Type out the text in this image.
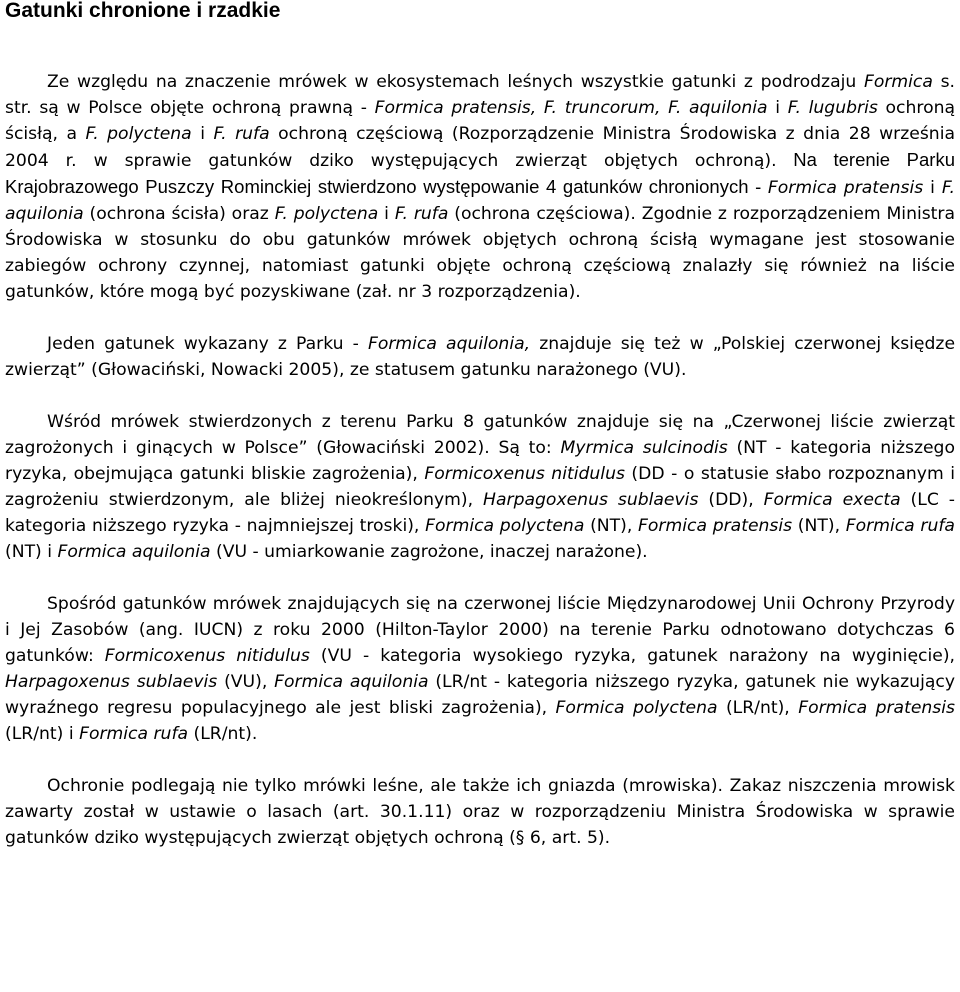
Gatunki chronione i rzadkie

Ze względu na znaczenie mrówek w ekosystemach leśnych wszystkie gatunki z podrodzaju Formica s. str. są w Polsce objęte ochroną prawną - Formica pratensis, F. truncorum, F. aquilonia i F. lugubris ochroną ścisłą, a F. polyctena i F. rufa ochroną częściową (Rozporządzenie Ministra Środowiska z dnia 28 września 2004 r. w sprawie gatunków dziko występujących zwierząt objętych ochroną). Na terenie Parku Krajobrazowego Puszczy Rominckiej stwierdzono występowanie 4 gatunków chronionych - Formica pratensis i F. aquilonia (ochrona ścisła) oraz F. polyctena i F. rufa (ochrona częściowa). Zgodnie z rozporządzeniem Ministra Środowiska w stosunku do obu gatunków mrówek objętych ochroną ścisłą wymagane jest stosowanie zabiegów ochrony czynnej, natomiast gatunki objęte ochroną częściową znalazły się również na liście gatunków, które mogą być pozyskiwane (zał. nr 3 rozporządzenia).

Jeden gatunek wykazany z Parku - Formica aquilonia, znajduje się też w „Polskiej czerwonej księdze zwierząt” (Głowaciński, Nowacki 2005), ze statusem gatunku narażonego (VU).

Wśród mrówek stwierdzonych z terenu Parku 8 gatunków znajduje się na „Czerwonej liście zwierząt zagrożonych i ginących w Polsce” (Głowaciński 2002). Są to: Myrmica sulcinodis (NT - kategoria niższego ryzyka, obejmująca gatunki bliskie zagrożenia), Formicoxenus nitidulus (DD - o statusie słabo rozpoznanym i zagrożeniu stwierdzonym, ale bliżej nieokreślonym), Harpagoxenus sublaevis (DD), Formica execta (LC - kategoria niższego ryzyka - najmniejszej troski), Formica polyctena (NT), Formica pratensis (NT), Formica rufa (NT) i Formica aquilonia (VU - umiarkowanie zagrożone, inaczej narażone).

Spośród gatunków mrówek znajdujących się na czerwonej liście Międzynarodowej Unii Ochrony Przyrody i Jej Zasobów (ang. IUCN) z roku 2000 (Hilton-Taylor 2000) na terenie Parku odnotowano dotychczas 6 gatunków: Formicoxenus nitidulus (VU - kategoria wysokiego ryzyka, gatunek narażony na wyginięcie), Harpagoxenus sublaevis (VU), Formica aquilonia (LR/nt - kategoria niższego ryzyka, gatunek nie wykazujący wyraźnego regresu populacyjnego ale jest bliski zagrożenia), Formica polyctena (LR/nt), Formica pratensis (LR/nt) i Formica rufa (LR/nt).

Ochronie podlegają nie tylko mrówki leśne, ale także ich gniazda (mrowiska). Zakaz niszczenia mrowisk zawarty został w ustawie o lasach (art. 30.1.11) oraz w rozporządzeniu Ministra Środowiska w sprawie gatunków dziko występujących zwierząt objętych ochroną (§ 6, art. 5).
